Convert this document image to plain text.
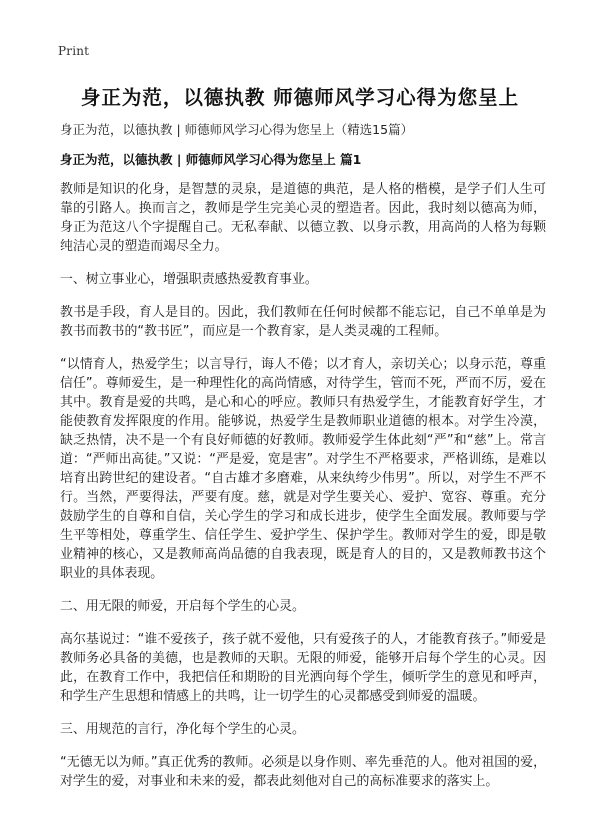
Print
身正为范，以德执教 师德师风学习心得为您呈上
身正为范，以德执教 | 师德师风学习心得为您呈上（精选15篇）
身正为范，以德执教 | 师德师风学习心得为您呈上 篇1

教师是知识的化身，是智慧的灵泉，是道德的典范，是人格的楷模，是学子们人生可靠的引路人。换而言之，教师是学生完美心灵的塑造者。因此，我时刻以德高为师，身正为范这八个字提醒自己。无私奉献、以德立教、以身示教，用高尚的人格为每颗纯洁心灵的塑造而竭尽全力。

一、树立事业心，增强职责感热爱教育事业。

教书是手段，育人是目的。因此，我们教师在任何时候都不能忘记，自己不单单是为教书而教书的“教书匠”，而应是一个教育家，是人类灵魂的工程师。

“以情育人，热爱学生；以言导行，诲人不倦；以才育人，亲切关心；以身示范，尊重信任”。尊师爱生，是一种理性化的高尚情感，对待学生，管而不死，严而不厉，爱在其中。教育是爱的共鸣，是心和心的呼应。教师只有热爱学生，才能教育好学生，才能使教育发挥限度的作用。能够说，热爱学生是教师职业道德的根本。对学生冷漠，缺乏热情，决不是一个有良好师德的好教师。教师爱学生体此刻“严”和“慈”上。常言道：“严师出高徒。”又说：“严是爱，宽是害”。对学生不严格要求，严格训练，是难以培育出跨世纪的建设者。“自古雄才多磨难，从来纨绔少伟男”。所以，对学生不严不行。当然，严要得法，严要有度。慈，就是对学生要关心、爱护、宽容、尊重。充分鼓励学生的自尊和自信，关心学生的学习和成长进步，使学生全面发展。教师要与学生平等相处，尊重学生、信任学生、爱护学生、保护学生。教师对学生的爱，即是敬业精神的核心，又是教师高尚品德的自我表现，既是育人的目的，又是教师教书这个职业的具体表现。

二、用无限的师爱，开启每个学生的心灵。

高尔基说过：“谁不爱孩子，孩子就不爱他，只有爱孩子的人，才能教育孩子。”师爱是教师务必具备的美德，也是教师的天职。无限的师爱，能够开启每个学生的心灵。因此，在教育工作中，我把信任和期盼的目光洒向每个学生，倾听学生的意见和呼声，和学生产生思想和情感上的共鸣，让一切学生的心灵都感受到师爱的温暖。

三、用规范的言行，净化每个学生的心灵。

“无德无以为师。”真正优秀的教师。必须是以身作则、率先垂范的人。他对祖国的爱，对学生的爱，对事业和未来的爱，都表此刻他对自己的高标准要求的落实上。
